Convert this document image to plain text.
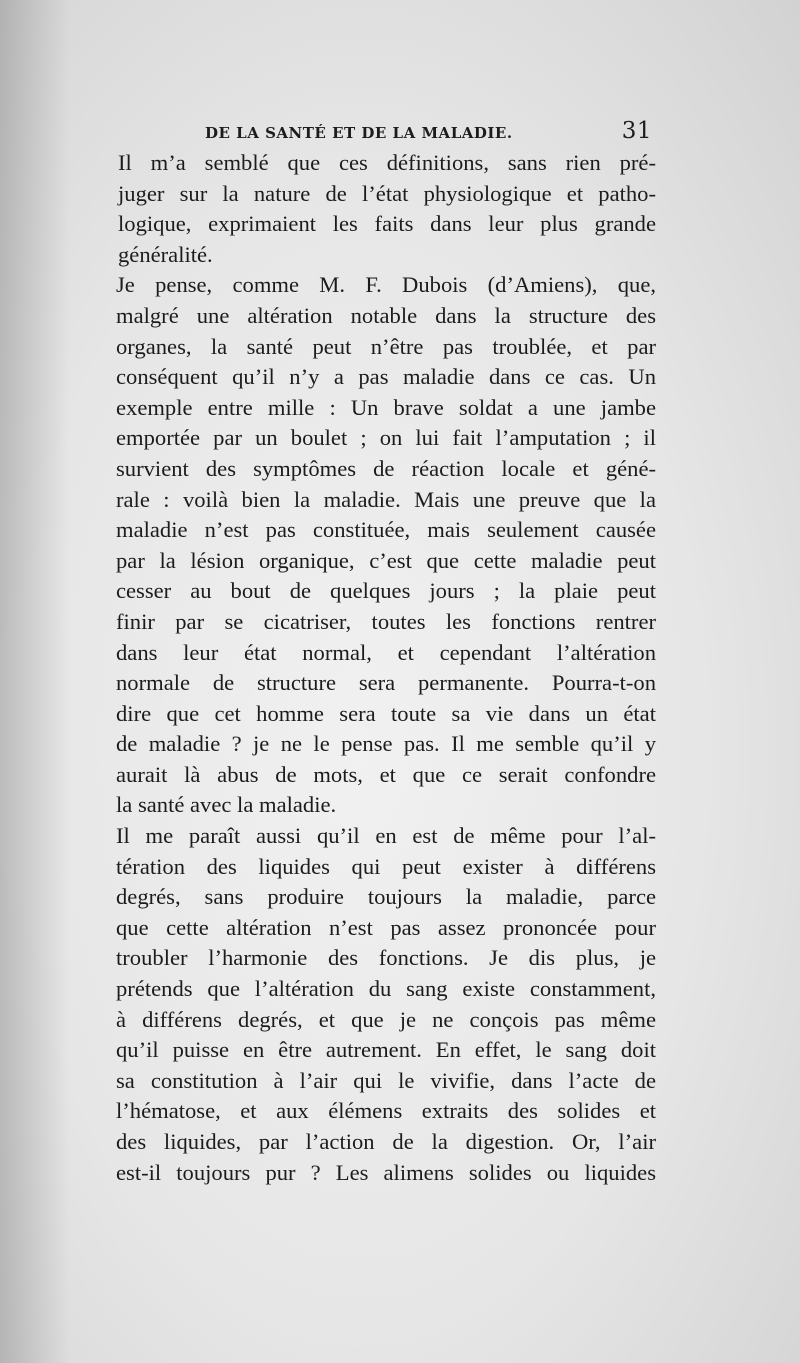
DE LA SANTÉ ET DE LA MALADIE.	31

Il m’a semblé que ces définitions, sans rien pré-
juger sur la nature de l’état physiologique et patho-
logique, exprimaient les faits dans leur plus grande
généralité.

Je pense, comme M. F. Dubois (d’Amiens), que,
malgré une altération notable dans la structure des
organes, la santé peut n’être pas troublée, et par
conséquent qu’il n’y a pas maladie dans ce cas. Un
exemple entre mille : Un brave soldat a une jambe
emportée par un boulet ; on lui fait l’amputation ; il
survient des symptômes de réaction locale et géné-
rale : voilà bien la maladie. Mais une preuve que la
maladie n’est pas constituée, mais seulement causée
par la lésion organique, c’est que cette maladie peut
cesser au bout de quelques jours ; la plaie peut
finir par se cicatriser, toutes les fonctions rentrer
dans leur état normal, et cependant l’altération
normale de structure sera permanente. Pourra-t-on
dire que cet homme sera toute sa vie dans un état
de maladie ? je ne le pense pas. Il me semble qu’il y
aurait là abus de mots, et que ce serait confondre
la santé avec la maladie.

Il me paraît aussi qu’il en est de même pour l’al-
tération des liquides qui peut exister à différens
degrés, sans produire toujours la maladie, parce
que cette altération n’est pas assez prononcée pour
troubler l’harmonie des fonctions. Je dis plus, je
prétends que l’altération du sang existe constamment,
à différens degrés, et que je ne conçois pas même
qu’il puisse en être autrement. En effet, le sang doit
sa constitution à l’air qui le vivifie, dans l’acte de
l’hématose, et aux élémens extraits des solides et
des liquides, par l’action de la digestion. Or, l’air
est-il toujours pur ? Les alimens solides ou liquides
